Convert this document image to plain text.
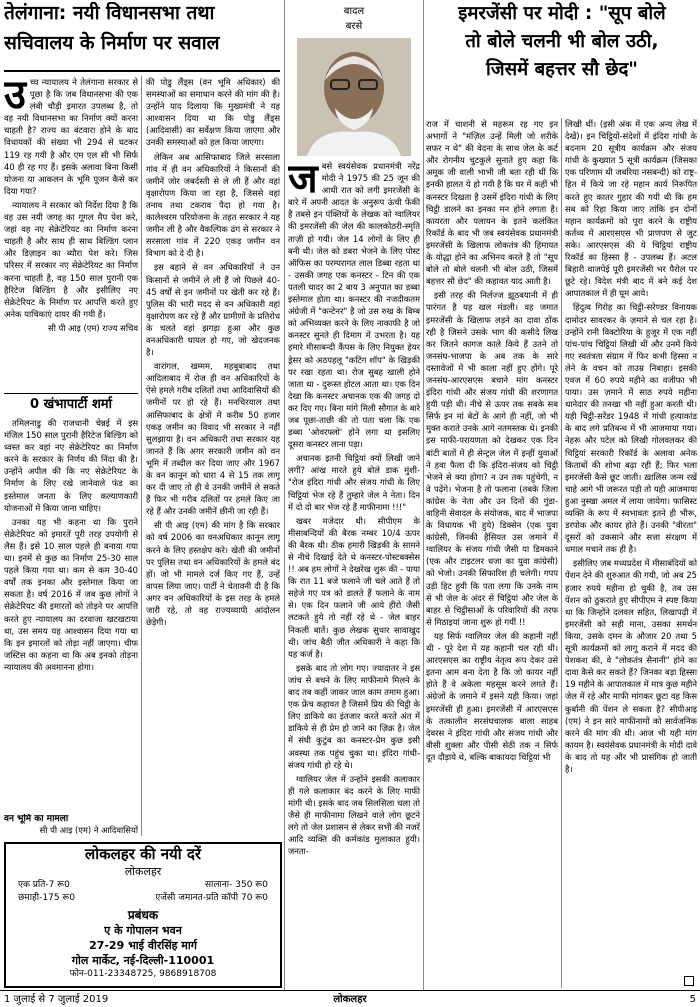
तेलंगाना: नयी विधानसभा तथा
सचिवालय के निर्माण पर सवाल
उ च्च न्यायालय ने तेलंगाना सरकार से पूछा है कि जब विधानसभा की एक लंबी चौड़ी इमारत उपलब्ध है, तो वह नयी विधानसभा का निर्माण क्यों करना चाहती है? राज्य का बंटवारा होने के बाद विधायकों की संख्या भी 294 से घटकर 119 रह गयी है और एम एल सी भी सिर्फ 40 ही रह गए हैं। इसके अलावा बिना किसी योजना या आकलन के भूमि पूजन कैसे कर दिया गया?

न्यायालय ने सरकार को निर्देश दिया है कि वह उस नयी जगह का गूगल मैप पेश करे, जहां वह नए सेक्रेटेरियट का निर्माण करना चाहती है और साथ ही साथ बिल्डिंग प्लान और डिज़ाइन का ब्यौरा पेश करे। जिस परिसर में सरकार नए सेक्रेटेरियट का निर्माण करना चाहती है, वह 150 साल पुरानी एक हैरिटेज बिल्डिंग है और इसीलिए नए सेक्रेटेरियट के निर्माण पर आपत्ति करते हुए अनेक याचिकाएं दायर की गयी हैं।

सी पी आइ (एम) राज्य सचिव
0 खंभापार्टी शर्मा

तमिलनाडु की राजधानी चेन्नई में इस मंजिल 150 साल पुरानी हैरिटेज बिल्डिंग को ध्वस्त कर वहां नए सेक्रेटेरियट का निर्माण करने के सरकार के निर्णय की निंदा की है। उन्होंने अपील की कि नए सेक्रेटेरियट के निर्माण के लिए रखे जानेवाले फंड का इस्तेमाल जनता के लिए कल्याणकारी योजनाओं में किया जाना चाहिए।

उनका यह भी कहना था कि पुराने सेक्रेटेरियट को इमारतें पूरी तरह उपयोगी से लैस हैं। इसे 10 साल पहले ही बनाया गया था। इनमें से कुछ का निर्माण 25-30 साल पहले किया गया था। कम से कम 30-40 वर्षों तक इनका और इस्तेमाल किया जा सकता है। वर्ष 2016 में जब कुछ लोगों ने सेक्रेटेरियट की इमारतों को तोड़ने पर आपत्ति करते हुए न्यायालय का दरवाजा खटखटाया था, उस समय यह आश्वासन दिया गया था कि इन इमारतों को तोड़ा नहीं जाएगा। चीफ जस्टिस का कहना था कि अब इनको तोड़ना न्यायालय की अवमानना होगा।

वन भूमि का मामला
सी पी आइ (एम) ने आदिवासियों

की पोडु लैंड्स (वन भूमि अधिकार) की समस्याओं का समाधान करने की मांग की है। उन्होंने याद दिलाया कि मुख्यमंत्री ने यह आश्वासन दिया था कि पोडु लैंड्स (आदिवासी) का सर्वेक्षण किया जाएगा और उनकी समस्याओं को हल किया जाएगा।

लेकिन अब आसिफाबाद जिले सरसाला गांव में ही वन अधिकारियों ने किसानों की जमीनें जोर जबर्दस्ती से ले ली हैं और वहां वृक्षारोपण किया जा रहा है, जिससे वहां तनाव तथा टकराव पैदा हो गया है। कालेश्वरम परियोजना के तहत सरकार ने यह जमीन ली है और वैकल्पिक ढंग से सरकार ने सरसाला गांव में 220 एकड़ जमीन वन विभाग को दे दी है।

इस बहाने से वन अधिकारियों ने उन किसानों से जमीनें ले ली हैं जो पिछले 40-45 वर्षों से इन जमीनों पर खेती कर रहे हैं। पुलिस की भारी मदद से वन अधिकारी वहां वृक्षारोपण कर रहे हैं और ग्रामीणों के प्रतिरोध के चलते वहां झगड़ा हुआ और कुछ वनअधिकारी घायल हो गए, जो खेदजनक है।

वारांगल, खम्मम, महबूबाबाद तथा आदिलाबाद में रोज ही वन अधिकारियों के ऐसे हमले गरीब दलितों तथा आदिवासियों की जमीनों पर हो रहे हैं। मनचिरयाल तथा आसिफाबाद के क्षेत्रों में करीब 50 हजार एकड़ जमीन का विवाद भी सरकार ने नहीं सुलझाया है। वन अधिकारी तथा सरकार यह जानते हैं कि अगर सरकारी जमीन को वन भूमि में तब्दील कर दिया जाए और 1967 के वन कानून को धारा 4 से 15 तक लागू कर दी जाए तो ही वे उनकी जमीनें ले सकते हैं फिर भी गरीब दलितों पर हमले किए जा रहे हैं और उनकी जमीनें छीनी जा रही हैं।

सी पी आइ (एम) की मांग है कि सरकार को वर्ष 2006 का वनअधिकार कानून लागू करने के लिए हस्तक्षेप करे। खेती की जमीनों पर पुलिस तथा वन अधिकारियों के हमले बंद हों। जो भी मामले दर्ज किए गए हैं, उन्हें वापस लिया जाए। पार्टी ने चेतावनी दी है कि अगर वन अधिकारियों के इस तरह के हमले जारी रहे, तो वह राज्यव्यापी आंदोलन छेड़ेगी।

लोकलहर की नयी दरें
लोकलहर
एक प्रति-7 रू0	सालाना- 350 रू0
छमाही-175 रू0	एजेंसी जमानत-प्रति कॉपी 70 रू0
प्रबंधक
ए के गोपालन भवन
27-29 भाई वीरसिंह मार्ग
गोल मार्केट, नई-दिल्ली-110001
फोन-011-23348725, 9868918708
बादल
बरसे
ज बसे स्वयंसेवक प्रधानमंत्री नरेंद्र मोदी ने 1975 की 25 जून की आधी रात को लगी इमरजेंसी के बारे में अपनी आदत के अनुरूप ऊंची फेंकी है तबसे इन पंक्तियों के लेखक को ग्वालियर की इमरजेंसी की जेल की कालकोठरी-स्मृति ताज़ी हो गयी। जेल 14 लोगों के लिए ही बनी थी। जेल को डबरा भेजने के लिए पोस्ट ऑफिस का परम्परागत लाल डिब्बा रहता था - उसकी जगह एक कनस्टर - टिन की एक पतली चादर का 2 बाय 3 अनुपात का डब्बा इस्तेमाल होता था। कनस्टर की नजदीकतम अंग्रेजी में "कन्टेनर" है जो उस रुख के बिम्ब को अभिव्यक्त करने के लिए नाकाफी है जो कनस्टर सुनते ही दिमाग में उभरता है। यह हमारे मीसाबन्दी कैंपस के लिए नियुक्त हेयर ड्रेसर को अठपहलू "कटिंग शॉप" के खिड़की पर रखा रहता था। रोज सुबह खाली होने जाता था - दुरूस्त होटल आता था। एक दिन देखा कि कनस्टर अचानक एक की जगह दो कर दिए गए। बिना मांगे मिली सौगात के बारे जब पूछा-ताछी की तो पता चला कि एक डब्बा 'ओवरफ्लो' होने लगा था इसलिए दूसरा कनस्टर लाना पड़ा।

अचानक इतनी चिट्ठियां क्यों लिखी जाने लगीं? आंख मारते हुये बोले डाक मुंशी- "रोज इंदिरा गांधी और संजय गांधी के लिए चिट्ठियां भेज रहे हैं तुम्हारे जेल ने नेता। दिन में दो दो बार भेज रहे हैं माफीनामा !!!"

खबर मजेदार थी। सीपीएम के मीसाबन्दियों की बैरक नम्बर 10/4 ऊपर की बैरक थी। ठीक हमारी खिड़की के सामने से नीचे दिखाई देते थे कनस्टर-पोस्टबक्सेस !! अब हम लोगों ने देखरेख शुरू की - पाया कि रात 11 बजे फलाने जी चले आते हैं तो सहेजे गए पत्र को डालते हैं फलाने के नाम से। एक दिन फलाने जी आये हीरो जैसी लटकते हुये तो नहीं रहे थे - जेल बाहर निकली बातें। कुछ लेखक सुधार सावाखुद थी। जांच बैठी जीत अधिकारी ने कहा कि यह कर्ज है।

इसके बाद तो लोग गए। ज्यादातर ने इस जांच से बचने के लिए माफीनामे मिलने के बाद तब कहीं जाकर जाल काम तमाम हुआ। एक फ्रेंच कहावत है जिसमें प्रिय की चिट्ठी के लिए डाकिये का इंतजार करते करते अंत में डाकिये से ही प्रेम हो जाने का ज़िक्र है। जेल में संघी कुटुंब का कनस्टर-प्रेम कुछ इसी अवस्था तक पहुंच चुका था। इंदिरा गांधी-संजय गांधी हो रहे थे।

ग्वालियर जेल में उन्होंने इसकी कलाकार ही गले कलाकार बंद करने के लिए माफी मांगी थी। इसके बाद जब सिलसिला चला तो जैसे ही माफीनामा लिखने वाले लोग छूटने लगे तो जेल प्रशासन से लेकर सभी की नजरें आदि व्यक्ति की कर्मकांड मुलाकात हुयी। जनता-

इमरजेंसी पर मोदी : "सूप बोले
तो बोले चलनी भी बोल उठी,
जिसमें बहत्तर सौ छेद"

राज में चाशनी से महरूम रह गए इन अभागों ने "मंज़िल उन्हें मिली जो शरीके सफर न थे" की वेदना के साथ जेल के कर्ट और रोगनीय चुटकुले सुनाते हुए कहा कि अमूक जी वाली भाभी जी बता रही थीं कि इनकी हालत ये हो गयी है कि घर में कहीं भी कनस्टर दिखता है उसमें इंदिरा गांधी के लिए चिट्ठी डालने का इनका मन होने लगता है। कायरता और पलायन के इतने कलंकित रिकॉर्ड के बाद भी जब स्वयंसेवक प्रधानमंत्री इमरजेंसी के खिलाफ लोकतंत्र की हिमायत के योद्धा होने का अभिनय करते हैं तो "सूप बोले तो बोले चलनी भी बोल उठी, जिसमें बहत्तर सौ छेद" की कहावत याद आती है।

इसी तरह की निर्लज्ज झूठबयानी में ही पारंगत है यह खल मंडली। वह जमात इमरजेंसी के खिलाफ लड़ने का दावा ठोंक रही है जिसने उसके भाग की कसीदे लिख कर जितने कागज काले किये हैं उतने तो जनसंघ-भाजपा के अब तक के सारे दस्तावेजों में भी काला नहीं हुए होंगे। पूरे जनसंघ-आरएसएस बचाने मांग कनस्टर इंदिरा गांधी और संजय गांधी की शरणागत हुयी पड़ी थी। नीचे से ऊपर तक सबके सब सिर्फ इन मां बेटों के आगे ही नहीं, जो भी मुक्त कराते उनके आगे नतमस्तक थे। इनकी इस माफी-परायणता को देखकर एक दिन बांटी बातों में ही सेन्ट्रल जेल में इन्हीं युवाओं ने हवा फैला दी कि इंदिरा-संजय को चिट्ठी भेजने से क्या होगा? न उन तक पहुंचेगी, न वे पढ़ेंगे। भेजना है तो फलाना (तबके जिला कांग्रेस के नेता और उन दिनों की गुंडा-वाहिनी सेवादल के संयोजक, बाद में भाजपा के विधायक भी हुये) डिक्सेन (एक युवा कांग्रेसी, जिनकी हैसियत उस जमाने में ग्वालियर के संजय गांधी जैसी या डिमकाने (एक और टाइटलर धजा का युवा कांग्रेसी) को भेजो। उनकी सिफारिश ही चलेगी। गपप उड़ी हिट हुयी कि पता लगा कि उनके नाम से भी जेल के अंदर से चिट्ठियां और जेल के बाहर से चिट्ठीसाओं के परिवारियों की तरफ से मिठाइयां जाना शुरू हो गयीं !!

यह सिर्फ ग्वालियर जेल की कहानी नहीं थी - पूरे देश में यह कहानी चल रही थी। आरएसएस का राष्ट्रीय नेतृत्व रूप देकर उसे इतना आम बना देता है कि जो कायर नहीं होते हैं वे अकेला महसूस करने लगते हैं। अंग्रेजों के जमाने में इसने यही किया। जहां इमरजेंसी ही हुआ। इमरजेंसी में आरएसएस के तत्कालीन सरसंघचालक बाला साहब देवरस ने इंदिरा गांधी और संजय गांधी और वीसी शुक्ला और पीसी सेठी तक न सिर्फ दूत दौड़ाये थे, बल्कि बाकायदा चिट्ठियां भी

लिखी थीं। (इसी अंक में एक अन्य लेख में देखें)। इन चिट्ठियों-संदेशों में इंदिरा गांधी के बदनाम 20 सूत्रीय कार्यक्रम और संजय गांधी के कुख्यात 5 सूत्री कार्यक्रम (जिसका एक परिणाम थी जबरिया नसबन्दी) को राष्ट्र-हित में किये जा रहे महान कार्य निरूपित करते हुए कातर गुहार की गयी थी कि हम सब को रिहा किया जाए तांकि इन दोनों महान कार्यक्रमों को पूरा करने के राष्ट्रीय कर्तव्य में आरएसएस भी प्राणपण से जुट सके। आरएसएस की ये चिट्ठियां राष्ट्रीय रिकॉर्ड का हिस्सा हैं - उपलब्ध हैं। अटल बिहारी वाजपेई पूरी इमरजेंसी भर पैरोल पर छूटे रहे। विदेश मंत्री बाद में बने कई देश आपातकाल में ही घूम आये।

हिंदुत्व गिरोह का चिट्ठी-सरेण्डर विनायक दामोदर सावरकर के ज़माने से चल रहा है। उन्होंने रानी विक्टोरिया के हुजूर में एक नहीं पांच-पांच चिट्ठियां लिखी थीं और उनमें किये गए स्वतंत्रता संग्राम में फिर कभी हिस्सा न लेने के वचन को ताउम्र निबाहा। इसकी एवज में 60 रुपये महीने का वजीफा भी पाया। उस ज़माने में साठ रुपये महीना थानेदार की तनखा भी नहीं हुआ करती थी। यही चिट्ठी-सरेंडर 1948 में गांधी हत्याकांड के बाद लगे प्रतिबन्ध में भी आजमाया गया। नेहरू और पटेल को लिखी गोलवलकर की चिट्ठियां सरकारी रिकॉर्ड के अलावा अनेक किताबों की शोभा बढ़ा रही हैं; फिर भला इमरजेंसी कैसे छूट जाती। ख़ालिस जन्म रखें चाहे आगे भी जरूरत पड़ी तो यही आजमाया हुआ नुस्खा अमल में लाया जायेगा। फासिस्ट व्यक्ति के रूप में स्वभावतः इतने ही भीरू, डरपोक और कायर होते हैं। उनकी "वीरता" दूसरों को उकसाने और सत्ता संरक्षण में धमाल मचाने तक ही है।

इसीलिए जब मध्यप्रदेश में मीसाबंदियों को पेंशन देने की शुरुआत की गयी, जो अब 25 हजार रुपये महीना हो चुकी है, तब उस पेंशन को ठुकराते हुए सीपीएम ने स्पष्ट किया था कि जिन्होंने दलवल सहित, लिखापढ़ी में इमरजेंसी को सही माना, उसका समर्थन किया, उसके दमन के औजार 20 तथा 5 सूत्री कार्यक्रमों को लागू कराने में मदद की पेशकश की, वे "लोकतंत्र सैनानी" होने का दावा कैसे कर सकते हैं? जिनका बड़ा हिस्सा 19 महीने के आपातकाल में मात्र कुछ महीने जेल में रहे और माफी मांगकर छूटा वह किस कुर्बानी की पेंशन ले सकता है? सीपीआइ (एम) ने इन सारे माफीनामों को सार्वजनिक करने की मांग की थी। आज भी यही मांग कायम है। स्वयंसेवक प्रधानमंत्री के मोदी दावे के बाद तो यह और भी प्रासंगिक हो जाती है।

1 जुलाई से 7 जुलाई 2019	लोकलहर	5
